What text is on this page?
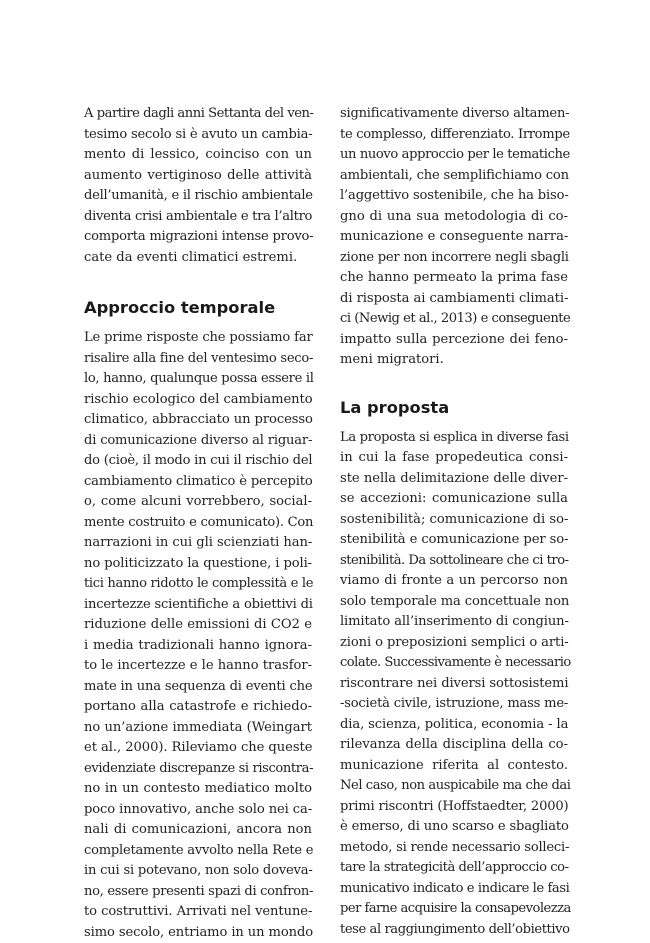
A partire dagli anni Settanta del ven-
tesimo secolo si è avuto un cambia-
mento di lessico, coinciso con un
aumento vertiginoso delle attività
dell’umanità, e il rischio ambientale
diventa crisi ambientale e tra l’altro
comporta migrazioni intense provo-
cate da eventi climatici estremi.
Approccio temporale
Le prime risposte che possiamo far
risalire alla fine del ventesimo seco-
lo, hanno, qualunque possa essere il
rischio ecologico del cambiamento
climatico, abbracciato un processo
di comunicazione diverso al riguar-
do (cioè, il modo in cui il rischio del
cambiamento climatico è percepito
o, come alcuni vorrebbero, social-
mente costruito e comunicato). Con
narrazioni in cui gli scienziati han-
no politicizzato la questione, i poli-
tici hanno ridotto le complessità e le
incertezze scientifiche a obiettivi di
riduzione delle emissioni di CO2 e
i media tradizionali hanno ignora-
to le incertezze e le hanno trasfor-
mate in una sequenza di eventi che
portano alla catastrofe e richiedo-
no un’azione immediata (Weingart
et al., 2000). Rileviamo che queste
evidenziate discrepanze si riscontra-
no in un contesto mediatico molto
poco innovativo, anche solo nei ca-
nali di comunicazioni, ancora non
completamente avvolto nella Rete e
in cui si potevano, non solo doveva-
no, essere presenti spazi di confron-
to costruttivi. Arrivati nel ventune-
simo secolo, entriamo in un mondo
significativamente diverso altamen-
te complesso, differenziato. Irrompe
un nuovo approccio per le tematiche
ambientali, che semplifichiamo con
l’aggettivo sostenibile, che ha biso-
gno di una sua metodologia di co-
municazione e conseguente narra-
zione per non incorrere negli sbagli
che hanno permeato la prima fase
di risposta ai cambiamenti climati-
ci (Newig et al., 2013) e conseguente
impatto sulla percezione dei feno-
meni migratori.
La proposta
La proposta si esplica in diverse fasi
in cui la fase propedeutica consi-
ste nella delimitazione delle diver-
se accezioni: comunicazione sulla
sostenibilità; comunicazione di so-
stenibilità e comunicazione per so-
stenibilità. Da sottolineare che ci tro-
viamo di fronte a un percorso non
solo temporale ma concettuale non
limitato all’inserimento di congiun-
zioni o preposizioni semplici o arti-
colate. Successivamente è necessario
riscontrare nei diversi sottosistemi
-società civile, istruzione, mass me-
dia, scienza, politica, economia - la
rilevanza della disciplina della co-
municazione riferita al contesto.
Nel caso, non auspicabile ma che dai
primi riscontri (Hoffstaedter, 2000)
è emerso, di uno scarso e sbagliato
metodo, si rende necessario solleci-
tare la strategicità dell’approccio co-
municativo indicato e indicare le fasi
per farne acquisire la consapevolezza
tese al raggiungimento dell’obiettivo
